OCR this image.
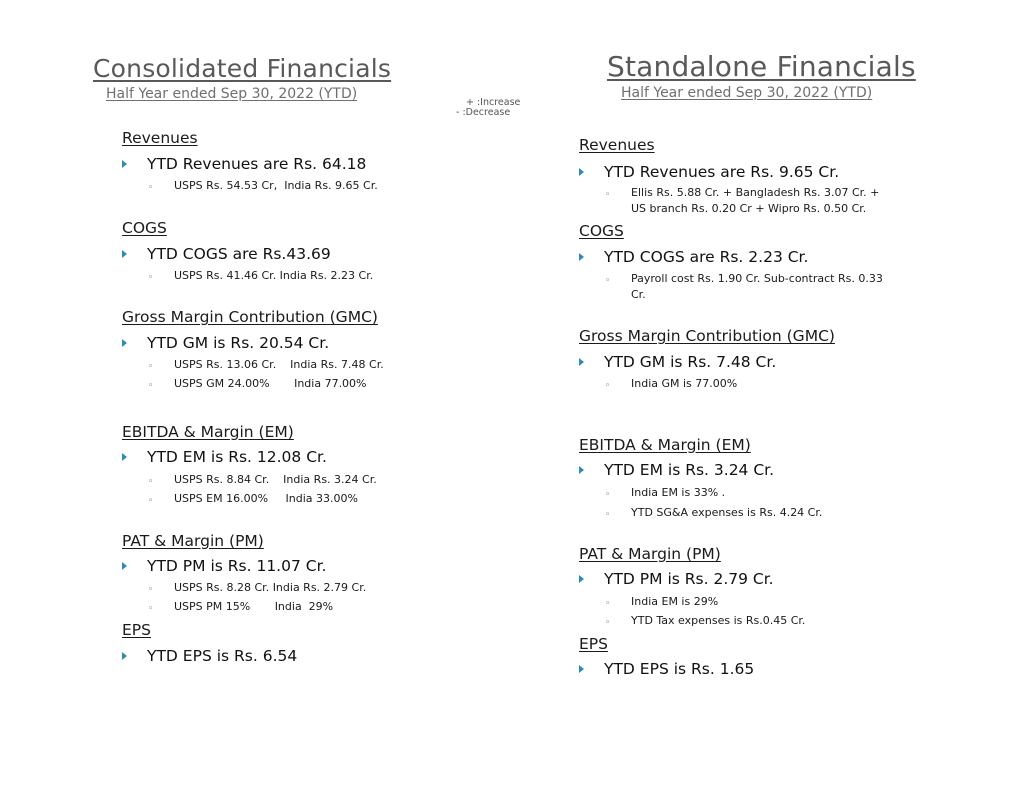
Consolidated Financials
Half Year ended Sep 30, 2022 (YTD)
+ :Increase
- :Decrease
Standalone Financials
Half Year ended Sep 30, 2022 (YTD)
Revenues
YTD Revenues are Rs. 64.18
◦ USPS Rs. 54.53 Cr,  India Rs. 9.65 Cr.
COGS
YTD COGS are Rs.43.69
◦ USPS Rs. 41.46 Cr. India Rs. 2.23 Cr.
Gross Margin Contribution (GMC)
YTD GM is Rs. 20.54 Cr.
◦ USPS Rs. 13.06 Cr.    India Rs. 7.48 Cr.
◦ USPS GM 24.00%       India 77.00%
EBITDA & Margin (EM)
YTD EM is Rs. 12.08 Cr.
◦ USPS Rs. 8.84 Cr.    India Rs. 3.24 Cr.
◦ USPS EM 16.00%     India 33.00%
PAT & Margin (PM)
YTD PM is Rs. 11.07 Cr.
◦ USPS Rs. 8.28 Cr. India Rs. 2.79 Cr.
◦ USPS PM 15%       India  29%
EPS
YTD EPS is Rs. 6.54
Revenues
YTD Revenues are Rs. 9.65 Cr.
◦ Ellis Rs. 5.88 Cr. + Bangladesh Rs. 3.07 Cr. +
US branch Rs. 0.20 Cr + Wipro Rs. 0.50 Cr.
COGS
YTD COGS are Rs. 2.23 Cr.
◦ Payroll cost Rs. 1.90 Cr. Sub-contract Rs. 0.33
Cr.
Gross Margin Contribution (GMC)
YTD GM is Rs. 7.48 Cr.
◦ India GM is 77.00%
EBITDA & Margin (EM)
YTD EM is Rs. 3.24 Cr.
◦ India EM is 33% .
◦ YTD SG&A expenses is Rs. 4.24 Cr.
PAT & Margin (PM)
YTD PM is Rs. 2.79 Cr.
◦ India EM is 29%
◦ YTD Tax expenses is Rs.0.45 Cr.
EPS
YTD EPS is Rs. 1.65
